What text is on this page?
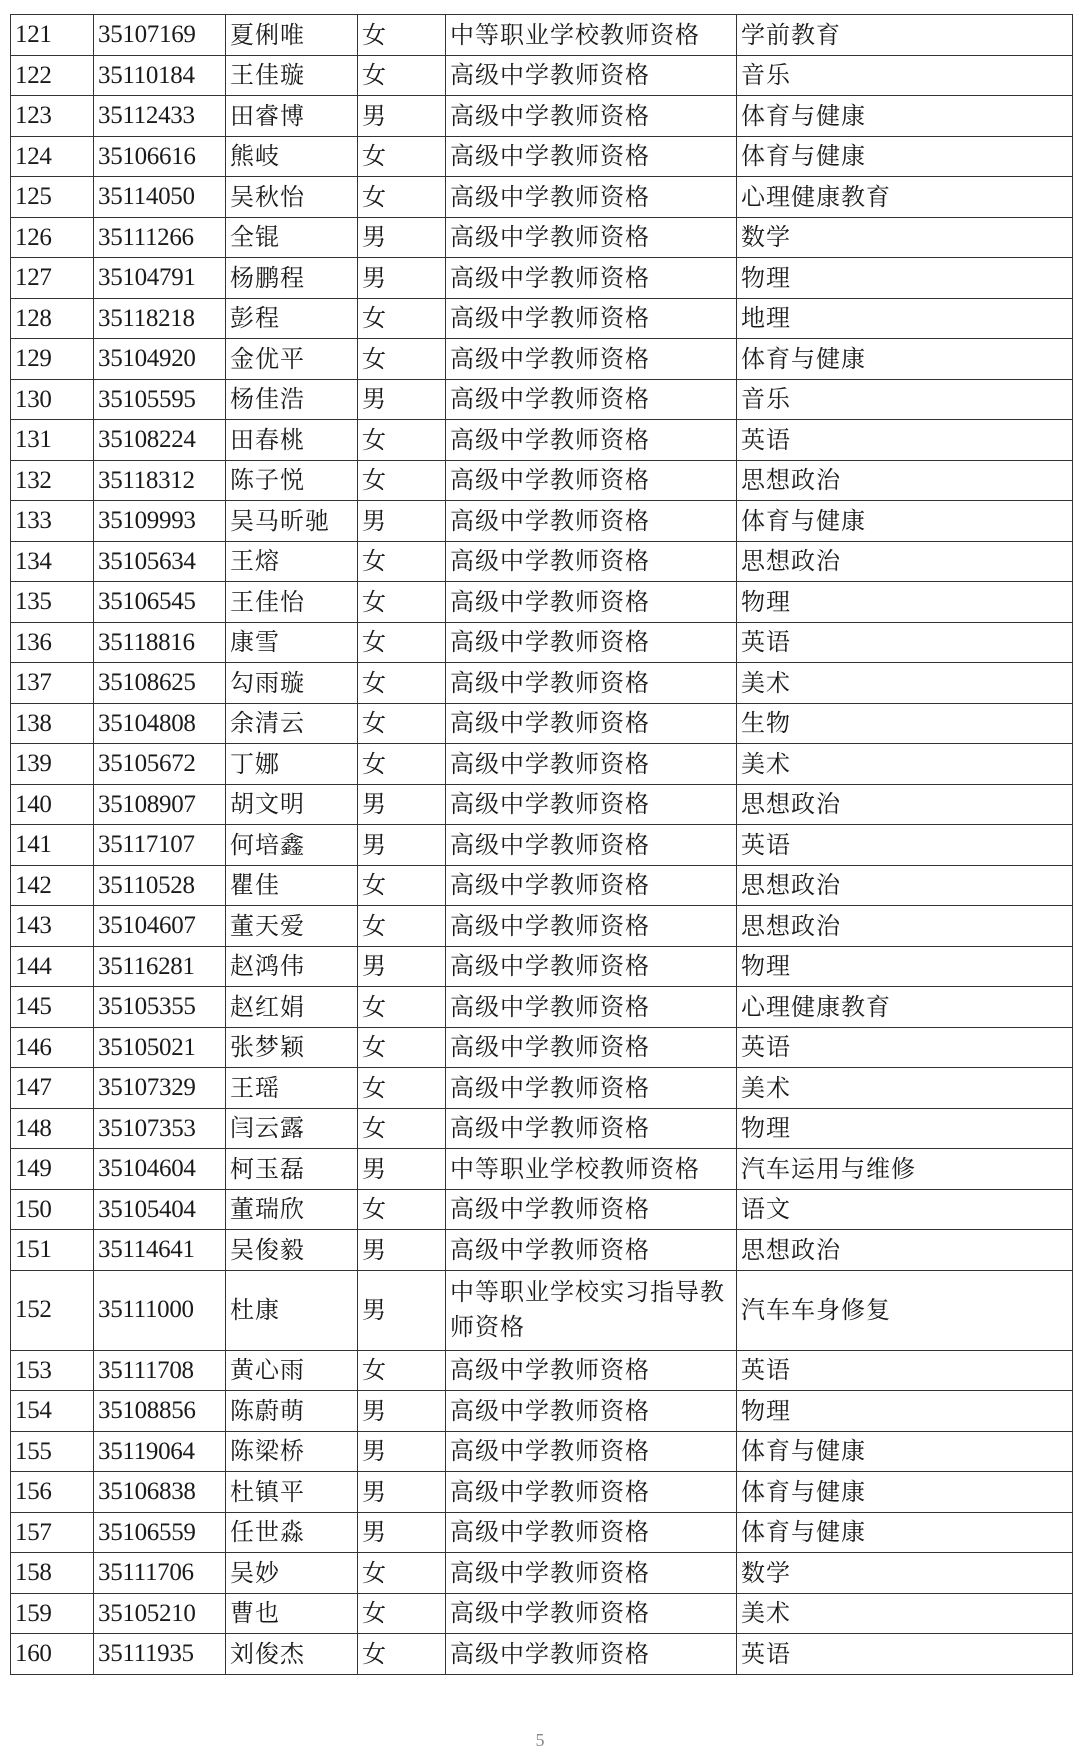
121	35107169	夏俐唯	女	中等职业学校教师资格	学前教育
122	35110184	王佳璇	女	高级中学教师资格	音乐
123	35112433	田睿博	男	高级中学教师资格	体育与健康
124	35106616	熊岐	女	高级中学教师资格	体育与健康
125	35114050	吴秋怡	女	高级中学教师资格	心理健康教育
126	35111266	全锟	男	高级中学教师资格	数学
127	35104791	杨鹏程	男	高级中学教师资格	物理
128	35118218	彭程	女	高级中学教师资格	地理
129	35104920	金优平	女	高级中学教师资格	体育与健康
130	35105595	杨佳浩	男	高级中学教师资格	音乐
131	35108224	田春桃	女	高级中学教师资格	英语
132	35118312	陈子悦	女	高级中学教师资格	思想政治
133	35109993	吴马昕驰	男	高级中学教师资格	体育与健康
134	35105634	王熔	女	高级中学教师资格	思想政治
135	35106545	王佳怡	女	高级中学教师资格	物理
136	35118816	康雪	女	高级中学教师资格	英语
137	35108625	勾雨璇	女	高级中学教师资格	美术
138	35104808	余清云	女	高级中学教师资格	生物
139	35105672	丁娜	女	高级中学教师资格	美术
140	35108907	胡文明	男	高级中学教师资格	思想政治
141	35117107	何培鑫	男	高级中学教师资格	英语
142	35110528	瞿佳	女	高级中学教师资格	思想政治
143	35104607	董天爱	女	高级中学教师资格	思想政治
144	35116281	赵鸿伟	男	高级中学教师资格	物理
145	35105355	赵红娟	女	高级中学教师资格	心理健康教育
146	35105021	张梦颖	女	高级中学教师资格	英语
147	35107329	王瑶	女	高级中学教师资格	美术
148	35107353	闫云露	女	高级中学教师资格	物理
149	35104604	柯玉磊	男	中等职业学校教师资格	汽车运用与维修
150	35105404	董瑞欣	女	高级中学教师资格	语文
151	35114641	吴俊毅	男	高级中学教师资格	思想政治
152	35111000	杜康	男	中等职业学校实习指导教师资格	汽车车身修复
153	35111708	黄心雨	女	高级中学教师资格	英语
154	35108856	陈蔚萌	男	高级中学教师资格	物理
155	35119064	陈梁桥	男	高级中学教师资格	体育与健康
156	35106838	杜镇平	男	高级中学教师资格	体育与健康
157	35106559	任世淼	男	高级中学教师资格	体育与健康
158	35111706	吴妙	女	高级中学教师资格	数学
159	35105210	曹也	女	高级中学教师资格	美术
160	35111935	刘俊杰	女	高级中学教师资格	英语
5
